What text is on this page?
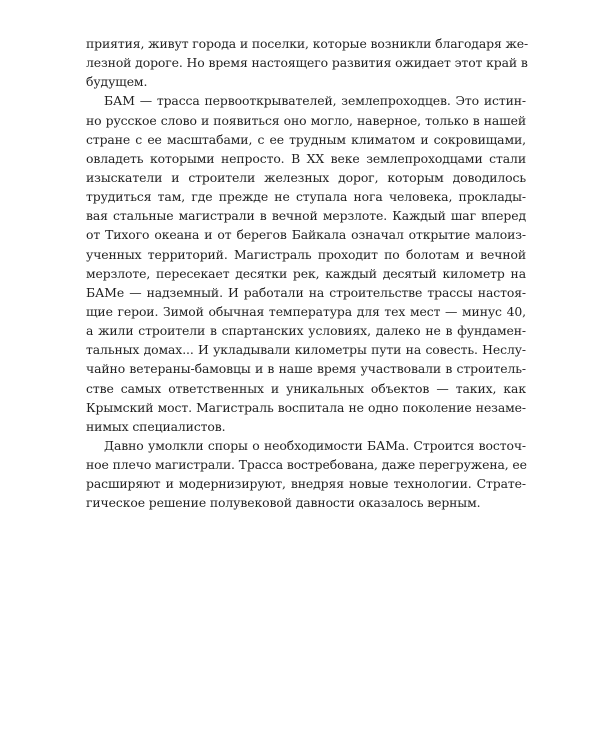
приятия, живут города и поселки, которые возникли благодаря же-
лезной дороге. Но время настоящего развития ожидает этот край в
будущем.
БАМ — трасса первооткрывателей, землепроходцев. Это истин-
но русское слово и появиться оно могло, наверное, только в нашей
стране с ее масштабами, с ее трудным климатом и сокровищами,
овладеть которыми непросто. В XX веке землепроходцами стали
изыскатели и строители железных дорог, которым доводилось
трудиться там, где прежде не ступала нога человека, проклады-
вая стальные магистрали в вечной мерзлоте. Каждый шаг вперед
от Тихого океана и от берегов Байкала означал открытие малоиз-
ученных территорий. Магистраль проходит по болотам и вечной
мерзлоте, пересекает десятки рек, каждый десятый километр на
БАМе — надземный. И работали на строительстве трассы настоя-
щие герои. Зимой обычная температура для тех мест — минус 40,
а жили строители в спартанских условиях, далеко не в фундамен-
тальных домах... И укладывали километры пути на совесть. Неслу-
чайно ветераны-бамовцы и в наше время участвовали в строитель-
стве самых ответственных и уникальных объектов — таких, как
Крымский мост. Магистраль воспитала не одно поколение незаме-
нимых специалистов.
Давно умолкли споры о необходимости БАМа. Строится восточ-
ное плечо магистрали. Трасса востребована, даже перегружена, ее
расширяют и модернизируют, внедряя новые технологии. Страте-
гическое решение полувековой давности оказалось верным.
